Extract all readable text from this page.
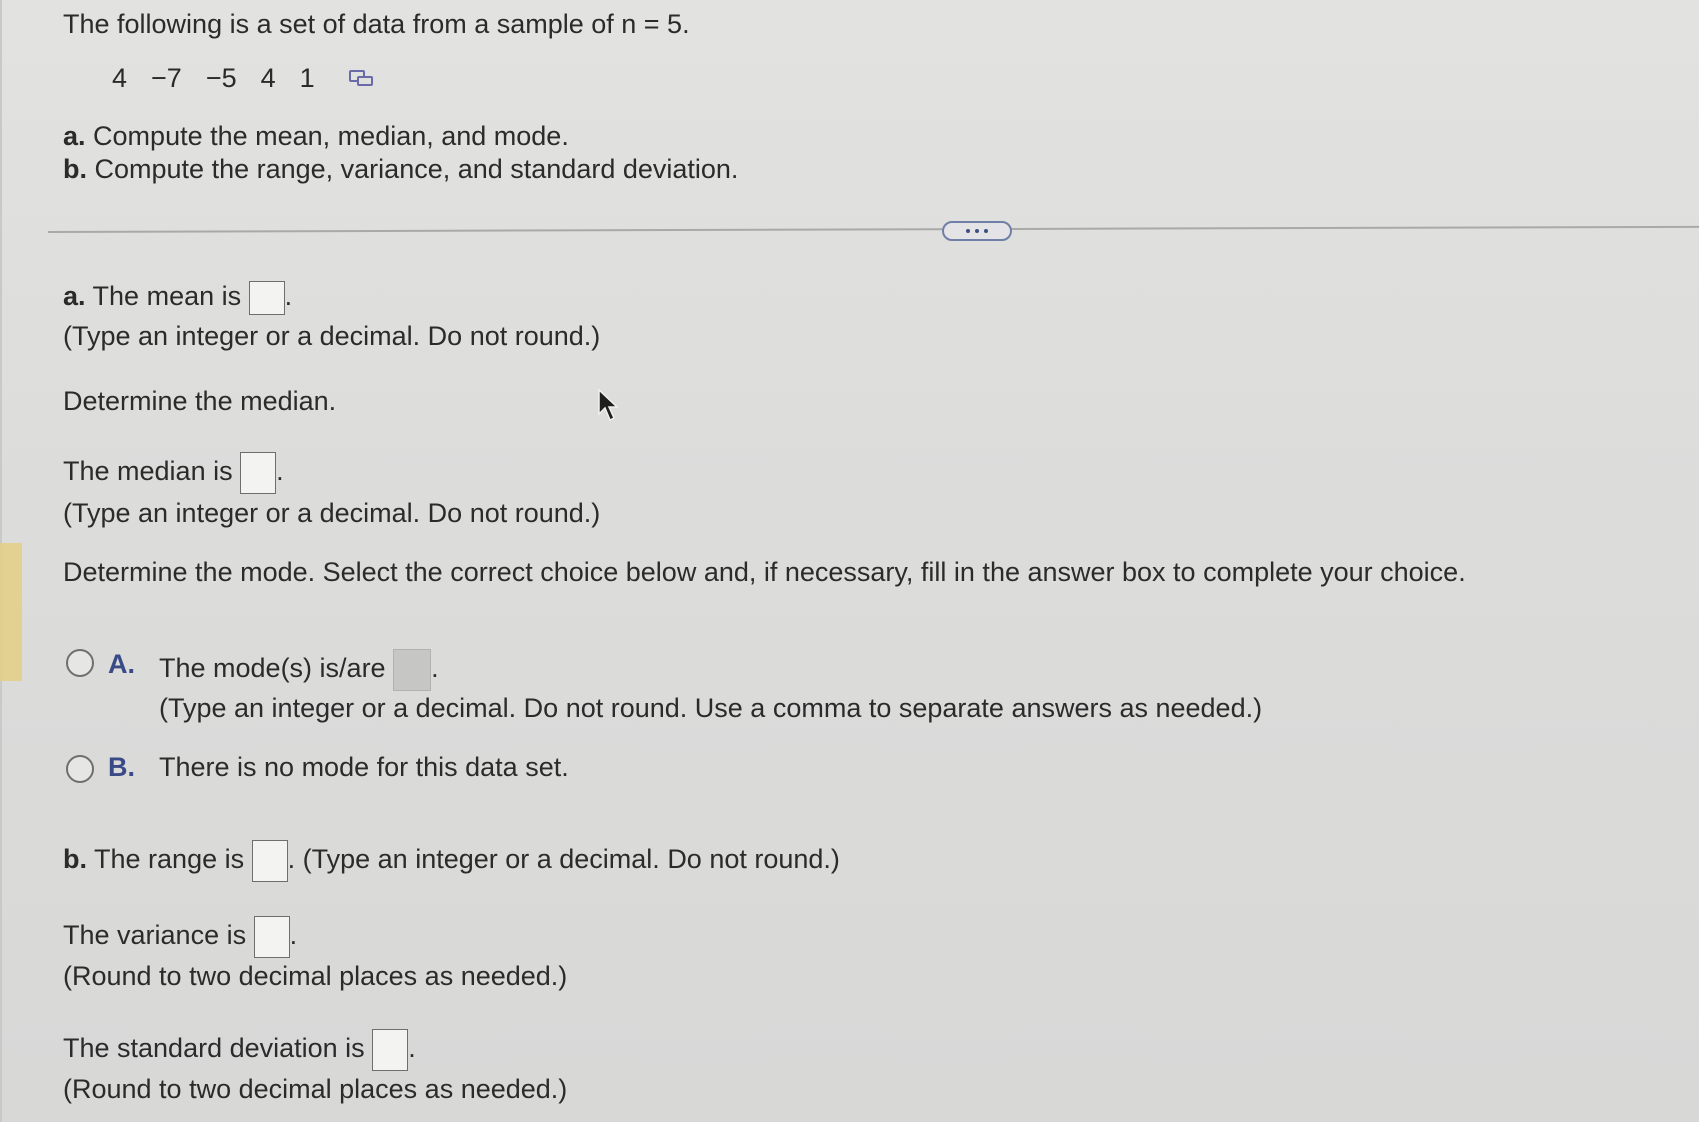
The following is a set of data from a sample of n = 5.
4 −7 −5 4 1
a. Compute the mean, median, and mode.
b. Compute the range, variance, and standard deviation.
a. The mean is .
(Type an integer or a decimal. Do not round.)
Determine the median.
The median is .
(Type an integer or a decimal. Do not round.)
Determine the mode. Select the correct choice below and, if necessary, fill in the answer box to complete your choice.
A. The mode(s) is/are .
(Type an integer or a decimal. Do not round. Use a comma to separate answers as needed.)
B. There is no mode for this data set.
b. The range is . (Type an integer or a decimal. Do not round.)
The variance is .
(Round to two decimal places as needed.)
The standard deviation is .
(Round to two decimal places as needed.)
